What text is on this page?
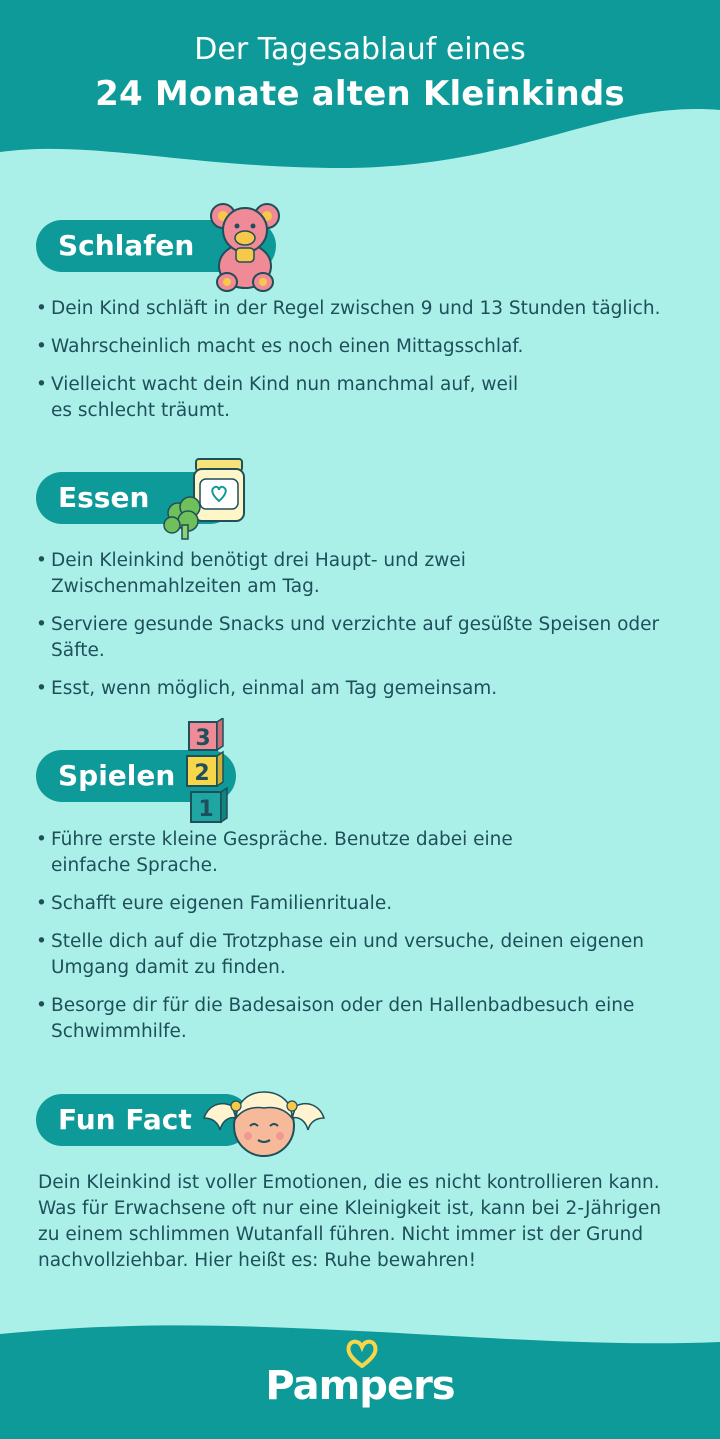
Der Tagesablauf eines
24 Monate alten Kleinkinds
Schlafen
• Dein Kind schläft in der Regel zwischen 9 und 13 Stunden täglich.
• Wahrscheinlich macht es noch einen Mittagsschlaf.
• Vielleicht wacht dein Kind nun manchmal auf, weil es schlecht träumt.
Essen
• Dein Kleinkind benötigt drei Haupt- und zwei Zwischenmahlzeiten am Tag.
• Serviere gesunde Snacks und verzichte auf gesüßte Speisen oder Säfte.
• Esst, wenn möglich, einmal am Tag gemeinsam.
Spielen
3
2
1
• Führe erste kleine Gespräche. Benutze dabei eine einfache Sprache.
• Schafft eure eigenen Familienrituale.
• Stelle dich auf die Trotzphase ein und versuche, deinen eigenen Umgang damit zu finden.
• Besorge dir für die Badesaison oder den Hallenbadbesuch eine Schwimmhilfe.
Fun Fact

Dein Kleinkind ist voller Emotionen, die es nicht kontrollieren kann. Was für Erwachsene oft nur eine Kleinigkeit ist, kann bei 2-Jährigen zu einem schlimmen Wutanfall führen. Nicht immer ist der Grund nachvollziehbar. Hier heißt es: Ruhe bewahren!

Pampers
